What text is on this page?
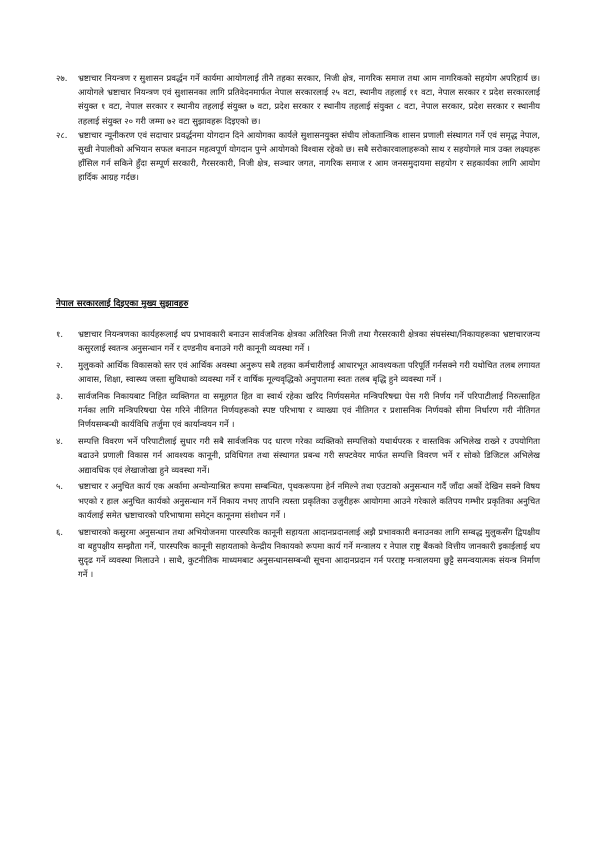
२७. भ्रष्टाचार नियन्त्रण र सुशासन प्रवर्द्धन गर्ने कार्यमा आयोगलाई तीनै तहका सरकार, निजी क्षेत्र, नागरिक समाज तथा आम नागरिकको सहयोग अपरिहार्य छ। आयोगले भ्रष्टाचार नियन्त्रण एवं सुशासनका लागि प्रतिवेदनमार्फत नेपाल सरकारलाई २५ वटा, स्थानीय तहलाई ११ वटा, नेपाल सरकार र प्रदेश सरकारलाई संयुक्त १ वटा, नेपाल सरकार र स्थानीय तहलाई संयुक्त ७ वटा, प्रदेश सरकार र स्थानीय तहलाई संयुक्त ८ वटा, नेपाल सरकार, प्रदेश सरकार र स्थानीय तहलाई संयुक्त २० गरी जम्मा ७२ वटा सुझावहरू दिइएको छ।
२८. भ्रष्टाचार न्यूनीकरण एवं सदाचार प्रवर्द्धनमा योगदान दिने आयोगका कार्यले सुशासनयुक्त संघीय लोकतान्त्रिक शासन प्रणाली संस्थागत गर्ने एवं समृद्ध नेपाल, सुखी नेपालीको अभियान सफल बनाउन महत्वपूर्ण योगदान पुग्ने आयोगको विश्वास रहेको छ। सबै सरोकारवालाहरूको साथ र सहयोगले मात्र उक्त लक्ष्यहरू हाँसिल गर्न सकिने हुँदा सम्पूर्ण सरकारी, गैरसरकारी, निजी क्षेत्र, सञ्चार जगत, नागरिक समाज र आम जनसमुदायमा सहयोग र सहकार्यका लागि आयोग हार्दिक आग्रह गर्दछ।
नेपाल सरकारलाई दिइएका मुख्य सुझावहरु
१. भ्रष्टाचार नियन्त्रणका कार्यहरूलाई थप प्रभावकारी बनाउन सार्वजनिक क्षेत्रका अतिरिक्त निजी तथा गैरसरकारी क्षेत्रका संघसंस्था/निकायहरूका भ्रष्टाचारजन्य कसुरलाई स्वतन्त्र अनुसन्धान गर्ने र दण्डनीय बनाउने गरी कानूनी व्यवस्था गर्ने ।
२. मुलुकको आर्थिक विकासको स्तर एवं आर्थिक अवस्था अनुरूप सबै तहका कर्मचारीलाई आधारभूत आवश्यकता परिपूर्ति गर्नसक्ने गरी यथोचित तलब लगायत आवास, शिक्षा, स्वास्थ्य जस्ता सुविधाको व्यवस्था गर्ने र वार्षिक मूल्यवृद्धिको अनुपातमा स्वतः तलब बृद्धि हुने व्यवस्था गर्ने ।
३. सार्वजनिक निकायबाट निहित व्यक्तिगत वा समूहगत हित वा स्वार्थ रहेका खरिद निर्णयसमेत मन्त्रिपरिषद्मा पेस गरी निर्णय गर्ने परिपाटीलाई निरुत्साहित गर्नका लागि मन्त्रिपरिषद्मा पेस गरिने नीतिगत निर्णयहरूको स्पष्ट परिभाषा र व्याख्या एवं नीतिगत र प्रशासनिक निर्णयको सीमा निर्धारण गरी नीतिगत निर्णयसम्बन्धी कार्यविधि तर्जुमा एवं कार्यान्वयन गर्ने ।
४. सम्पत्ति विवरण भर्ने परिपाटीलाई सुधार गरी सबै सार्वजनिक पद धारण गरेका व्यक्तिको सम्पत्तिको यथार्थपरक र वास्तविक अभिलेख राख्ने र उपयोगिता बढाउने प्रणाली विकास गर्न आवश्यक कानूनी, प्रविधिगत तथा संस्थागत प्रबन्ध गरी सफ्टवेयर मार्फत सम्पत्ति विवरण भर्ने र सोको डिजिटल अभिलेख अद्यावधिक एवं लेखाजोखा हुने व्यवस्था गर्ने।
५. भ्रष्टाचार र अनुचित कार्य एक अर्कामा अन्योन्याश्रित रूपमा सम्बन्धित, पृथकरूपमा हेर्न नमिल्ने तथा एउटाको अनुसन्धान गर्दै जाँदा अर्को देखिन सक्ने विषय भएको र हाल अनुचित कार्यको अनुसन्धान गर्ने निकाय नभए तापनि त्यस्ता प्रकृतिका उजुरीहरू आयोगमा आउने गरेकाले कतिपय गम्भीर प्रकृतिका अनुचित कार्यलाई समेत भ्रष्टाचारको परिभाषामा समेट्न कानूनमा संशोधन गर्ने ।
६. भ्रष्टाचारको कसुरमा अनुसन्धान तथा अभियोजनमा पारस्परिक कानूनी सहायता आदानप्रदानलाई अझै प्रभावकारी बनाउनका लागि सम्बद्ध मुलुकसँग द्विपक्षीय वा बहुपक्षीय सम्झौता गर्ने, पारस्परिक कानूनी सहायताको केन्द्रीय निकायको रूपमा कार्य गर्ने मन्त्रालय र नेपाल राष्ट्र बैंकको वित्तीय जानकारी इकाईलाई थप सुदृढ गर्ने व्यवस्था मिलाउने । साथै, कुटनीतिक माध्यमबाट अनुसन्धानसम्बन्धी सूचना आदानप्रदान गर्न परराष्ट्र मन्त्रालयमा छुट्टै समन्वयात्मक संयन्त्र निर्माण गर्ने ।
